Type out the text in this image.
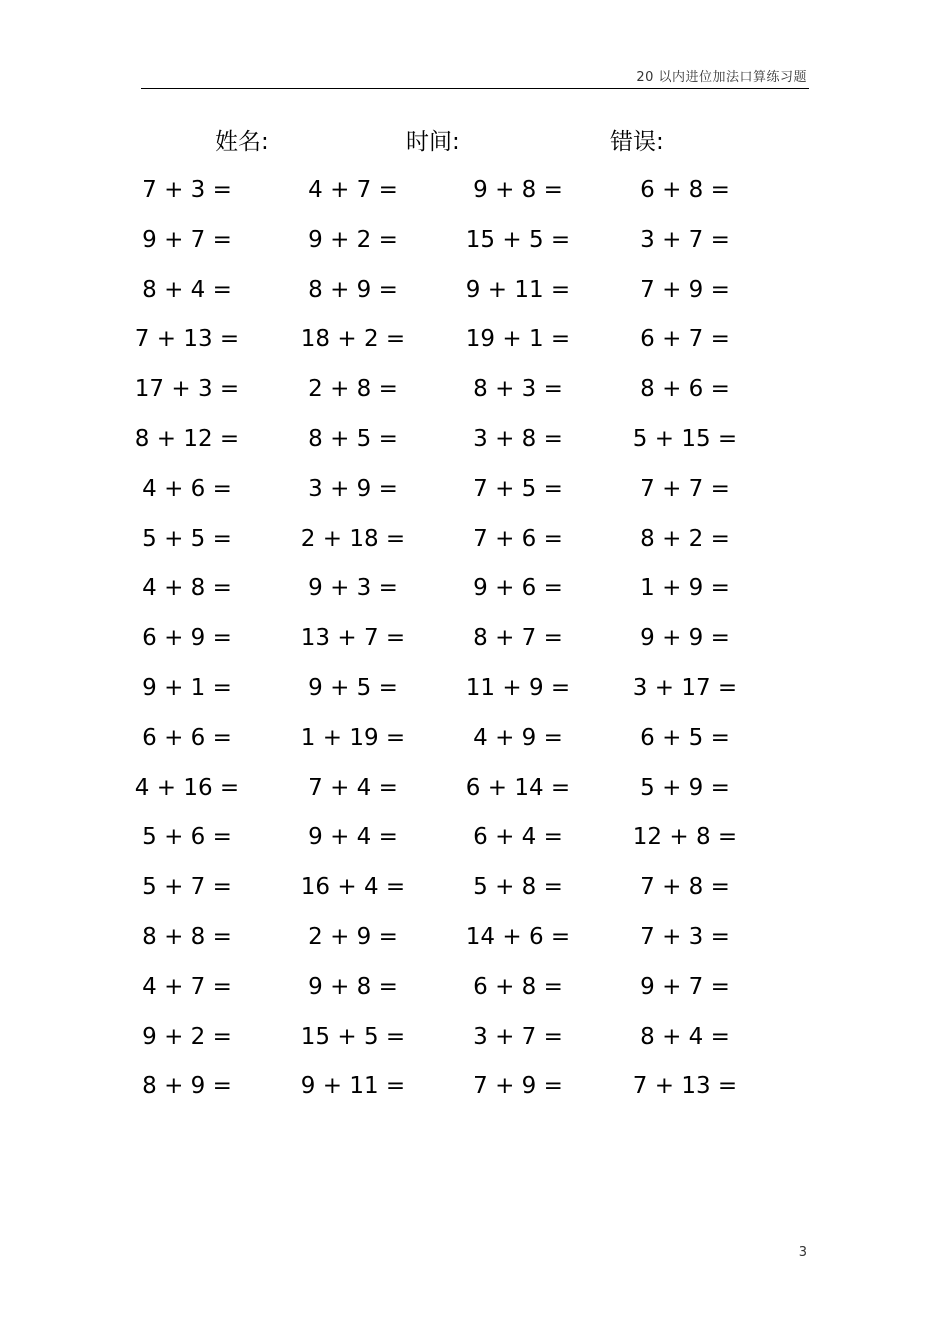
20 以内进位加法口算练习题
姓名:	时间:	错误:
7 + 3 =	4 + 7 =	9 + 8 =	6 + 8 =
9 + 7 =	9 + 2 =	15 + 5 =	3 + 7 =
8 + 4 =	8 + 9 =	9 + 11 =	7 + 9 =
7 + 13 =	18 + 2 =	19 + 1 =	6 + 7 =
17 + 3 =	2 + 8 =	8 + 3 =	8 + 6 =
8 + 12 =	8 + 5 =	3 + 8 =	5 + 15 =
4 + 6 =	3 + 9 =	7 + 5 =	7 + 7 =
5 + 5 =	2 + 18 =	7 + 6 =	8 + 2 =
4 + 8 =	9 + 3 =	9 + 6 =	1 + 9 =
6 + 9 =	13 + 7 =	8 + 7 =	9 + 9 =
9 + 1 =	9 + 5 =	11 + 9 =	3 + 17 =
6 + 6 =	1 + 19 =	4 + 9 =	6 + 5 =
4 + 16 =	7 + 4 =	6 + 14 =	5 + 9 =
5 + 6 =	9 + 4 =	6 + 4 =	12 + 8 =
5 + 7 =	16 + 4 =	5 + 8 =	7 + 8 =
8 + 8 =	2 + 9 =	14 + 6 =	7 + 3 =
4 + 7 =	9 + 8 =	6 + 8 =	9 + 7 =
9 + 2 =	15 + 5 =	3 + 7 =	8 + 4 =
8 + 9 =	9 + 11 =	7 + 9 =	7 + 13 =
3
